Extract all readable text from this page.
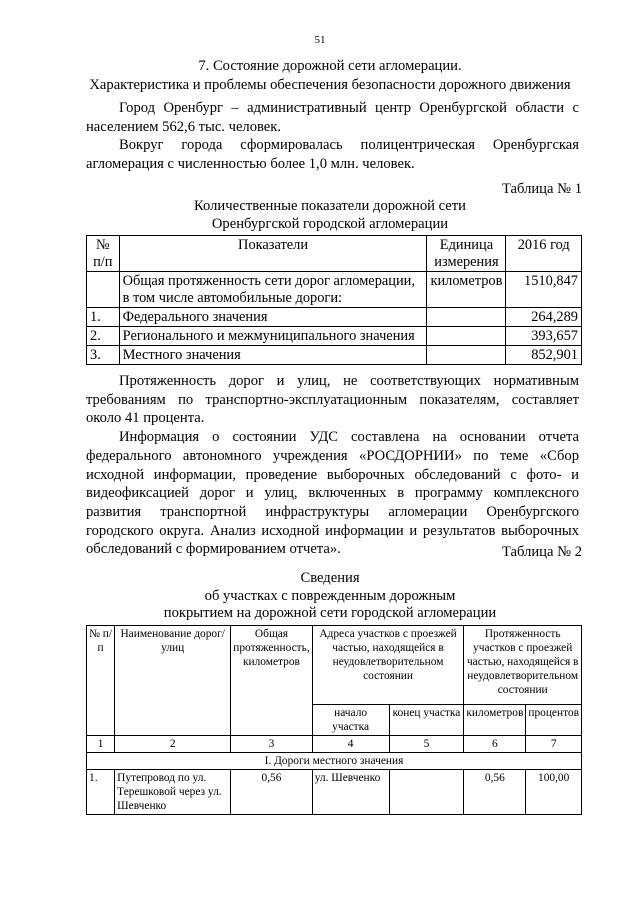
51
7. Состояние дорожной сети агломерации.
Характеристика и проблемы обеспечения безопасности дорожного движения

Город Оренбург – административный центр Оренбургской области с населением 562,6 тыс. человек.

Вокруг города сформировалась полицентрическая Оренбургская агломерация с численностью более 1,0 млн. человек.

Таблица № 1
Количественные показатели дорожной сети
Оренбургской городской агломерации
№ п/п	Показатели	Единица измерения	2016 год
	Общая протяженность сети дорог агломерации, в том числе автомобильные дороги:	километров	1510,847
1.	Федерального значения		264,289
2.	Регионального и межмуниципального значения		393,657
3.	Местного значения		852,901

Протяженность дорог и улиц, не соответствующих нормативным требованиям по транспортно-эксплуатационным показателям, составляет около 41 процента.

Информация о состоянии УДС составлена на основании отчета федерального автономного учреждения «РОСДОРНИИ» по теме «Сбор исходной информации, проведение выборочных обследований с фото- и видеофиксацией дорог и улиц, включенных в программу комплексного развития транспортной инфраструктуры агломерации Оренбургского городского округа. Анализ исходной информации и результатов выборочных обследований с формированием отчета».	Таблица № 2
Сведения
об участках с поврежденным дорожным
покрытием на дорожной сети городской агломерации
№ п/п	Наименование дорог/улиц	Общая протяженность, километров	Адреса участков с проезжей частью, находящейся в неудовлетворительном состоянии		Протяженность участков с проезжей частью, находящейся в неудовлетворительном состоянии	
			начало участка	конец участка	километров	процентов
1	2	3	4	5	6	7
I. Дороги местного значения						
1.	Путепровод по ул. Терешковой через ул. Шевченко	0,56	ул. Шевченко		0,56	100,00
